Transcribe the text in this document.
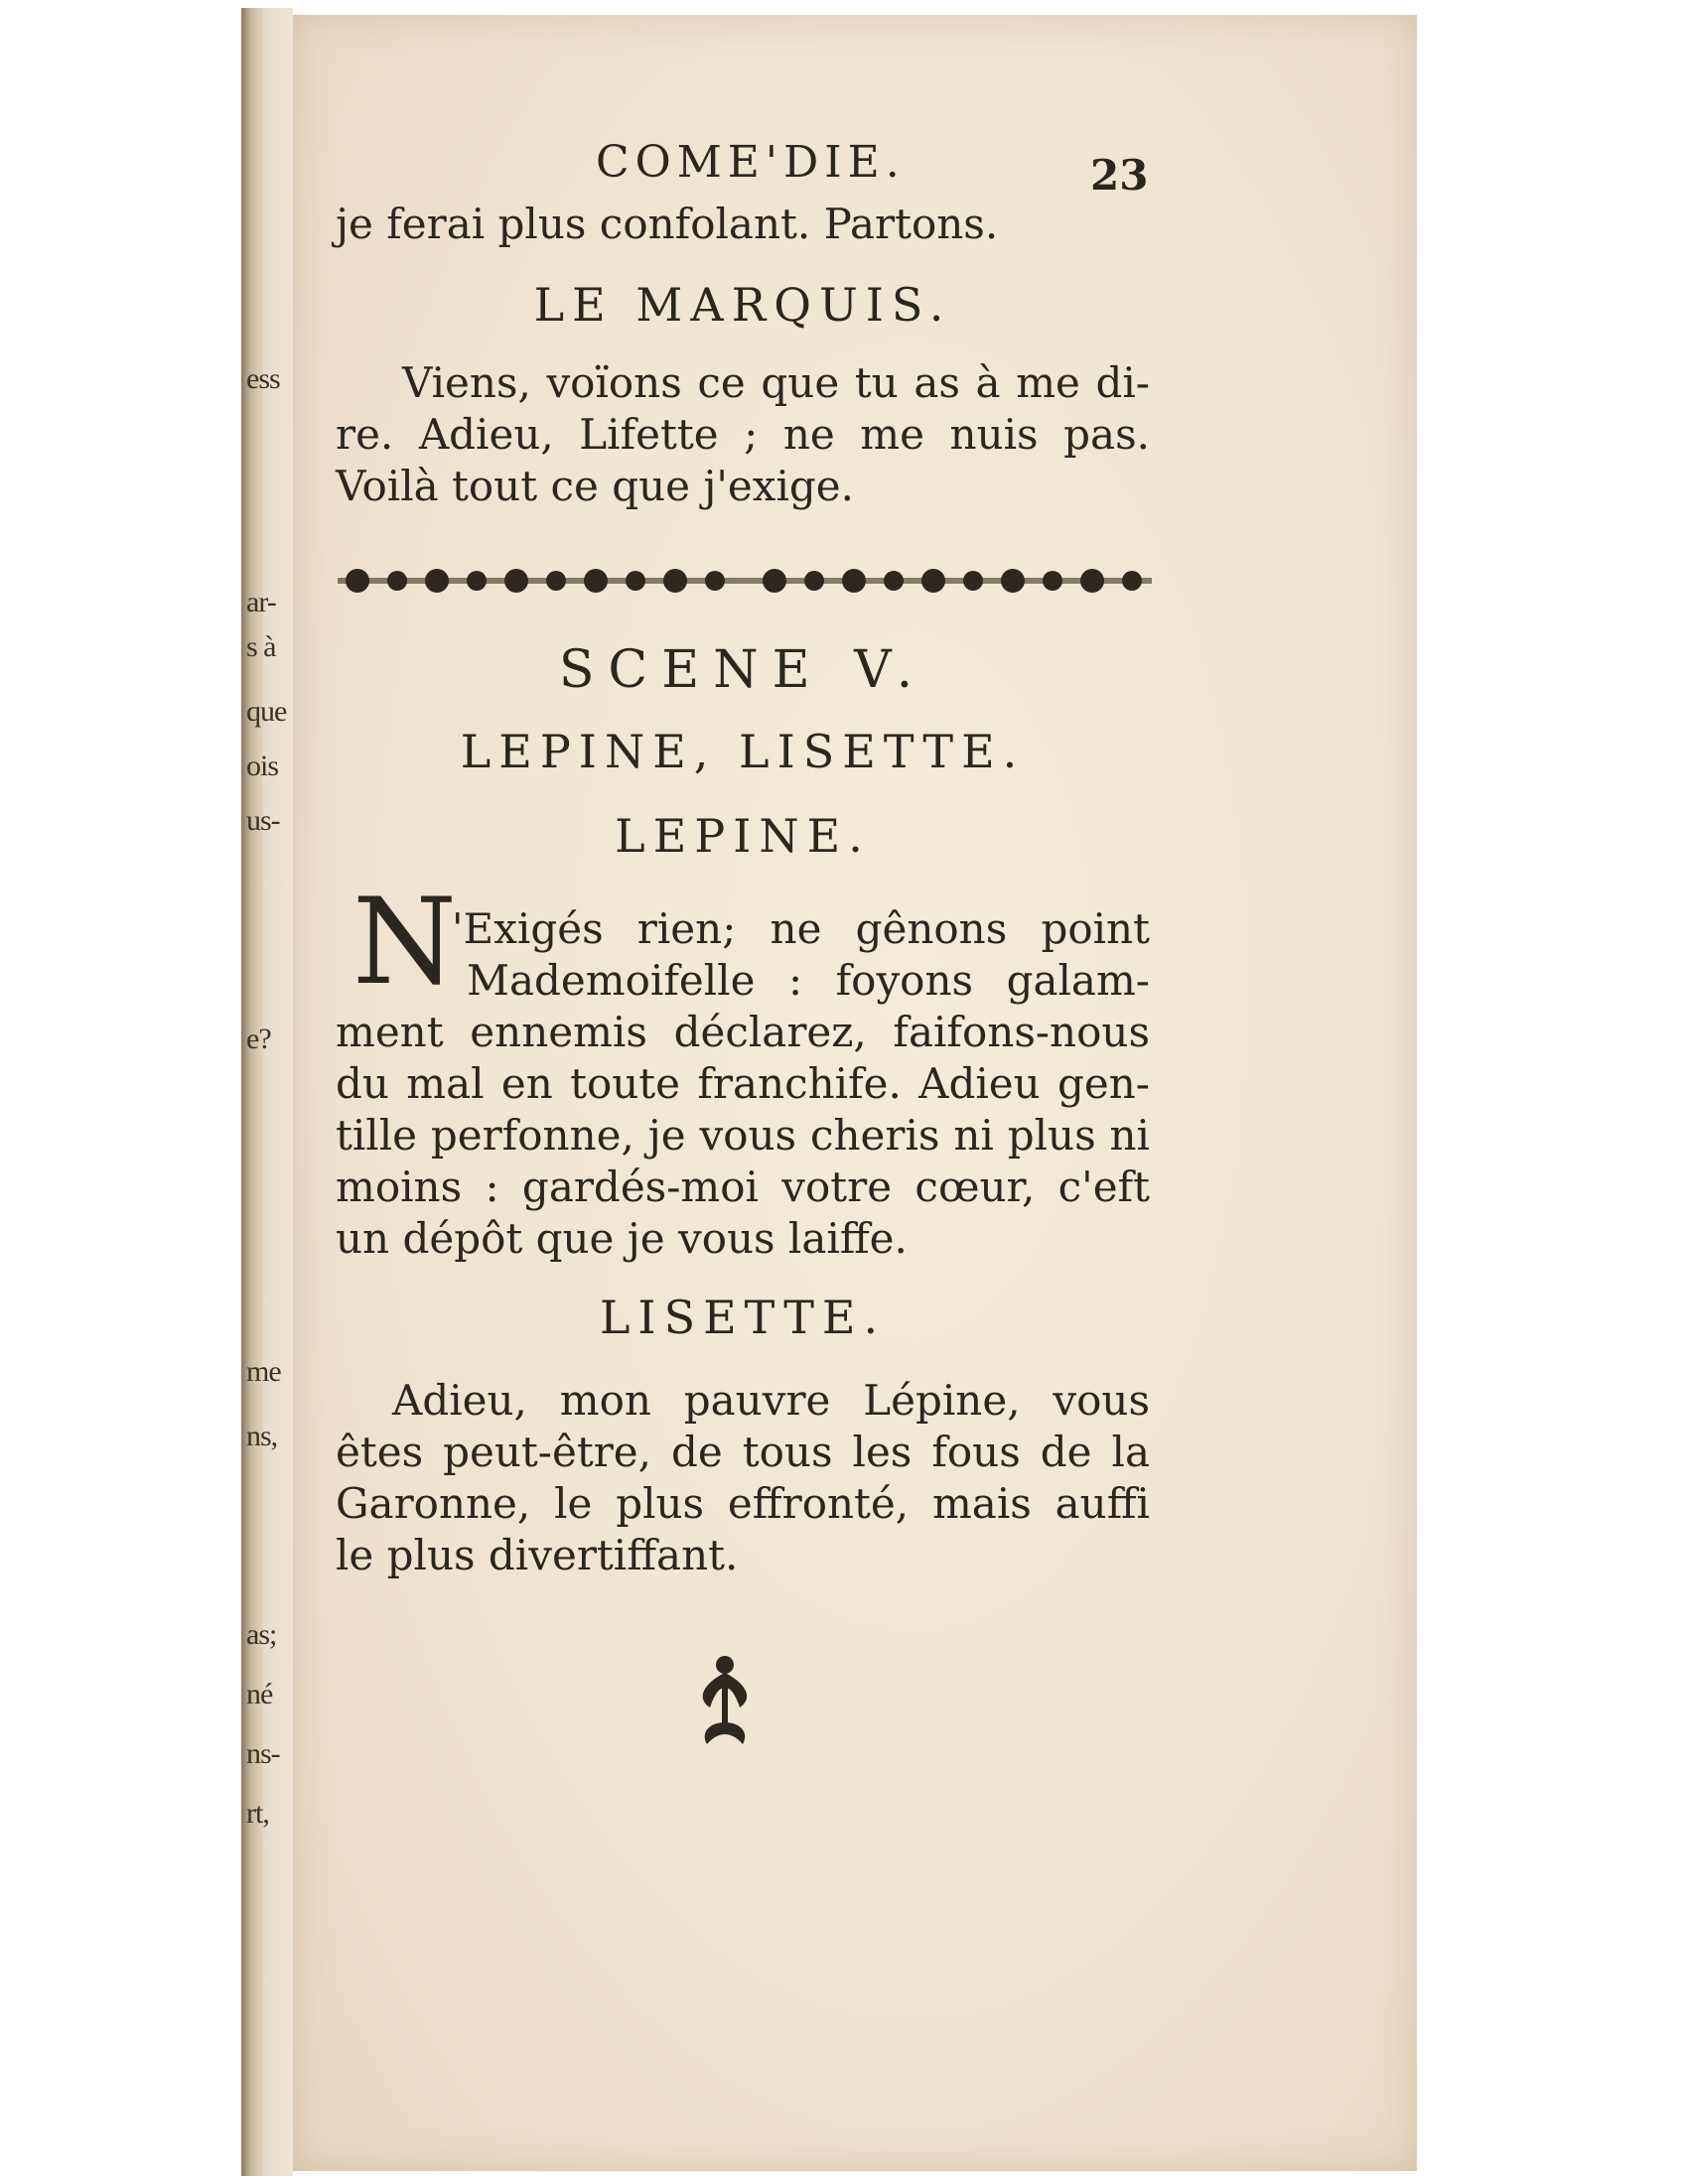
ess
ar-
s à
que
ois
us-
e?
me
ns,
as;
né
ns-
rt,
COME'DIE.	23
je ferai plus confolant. Partons.
LE MARQUIS.
Viens, voïons ce que tu as à me di-
re. Adieu, Lifette ; ne me nuis pas.
Voilà tout ce que j'exige.
SCENE V.
LEPINE, LISETTE.
LEPINE.
N
'Exigés rien; ne gênons point
Mademoifelle : foyons galam-
ment ennemis déclarez, faifons-nous
du mal en toute franchife. Adieu gen-
tille perfonne, je vous cheris ni plus ni
moins : gardés-moi votre cœur, c'eft
un dépôt que je vous laiffe.
LISETTE.
Adieu, mon pauvre Lépine, vous
êtes peut-être, de tous les fous de la
Garonne, le plus effronté, mais auffi
le plus divertiffant.
